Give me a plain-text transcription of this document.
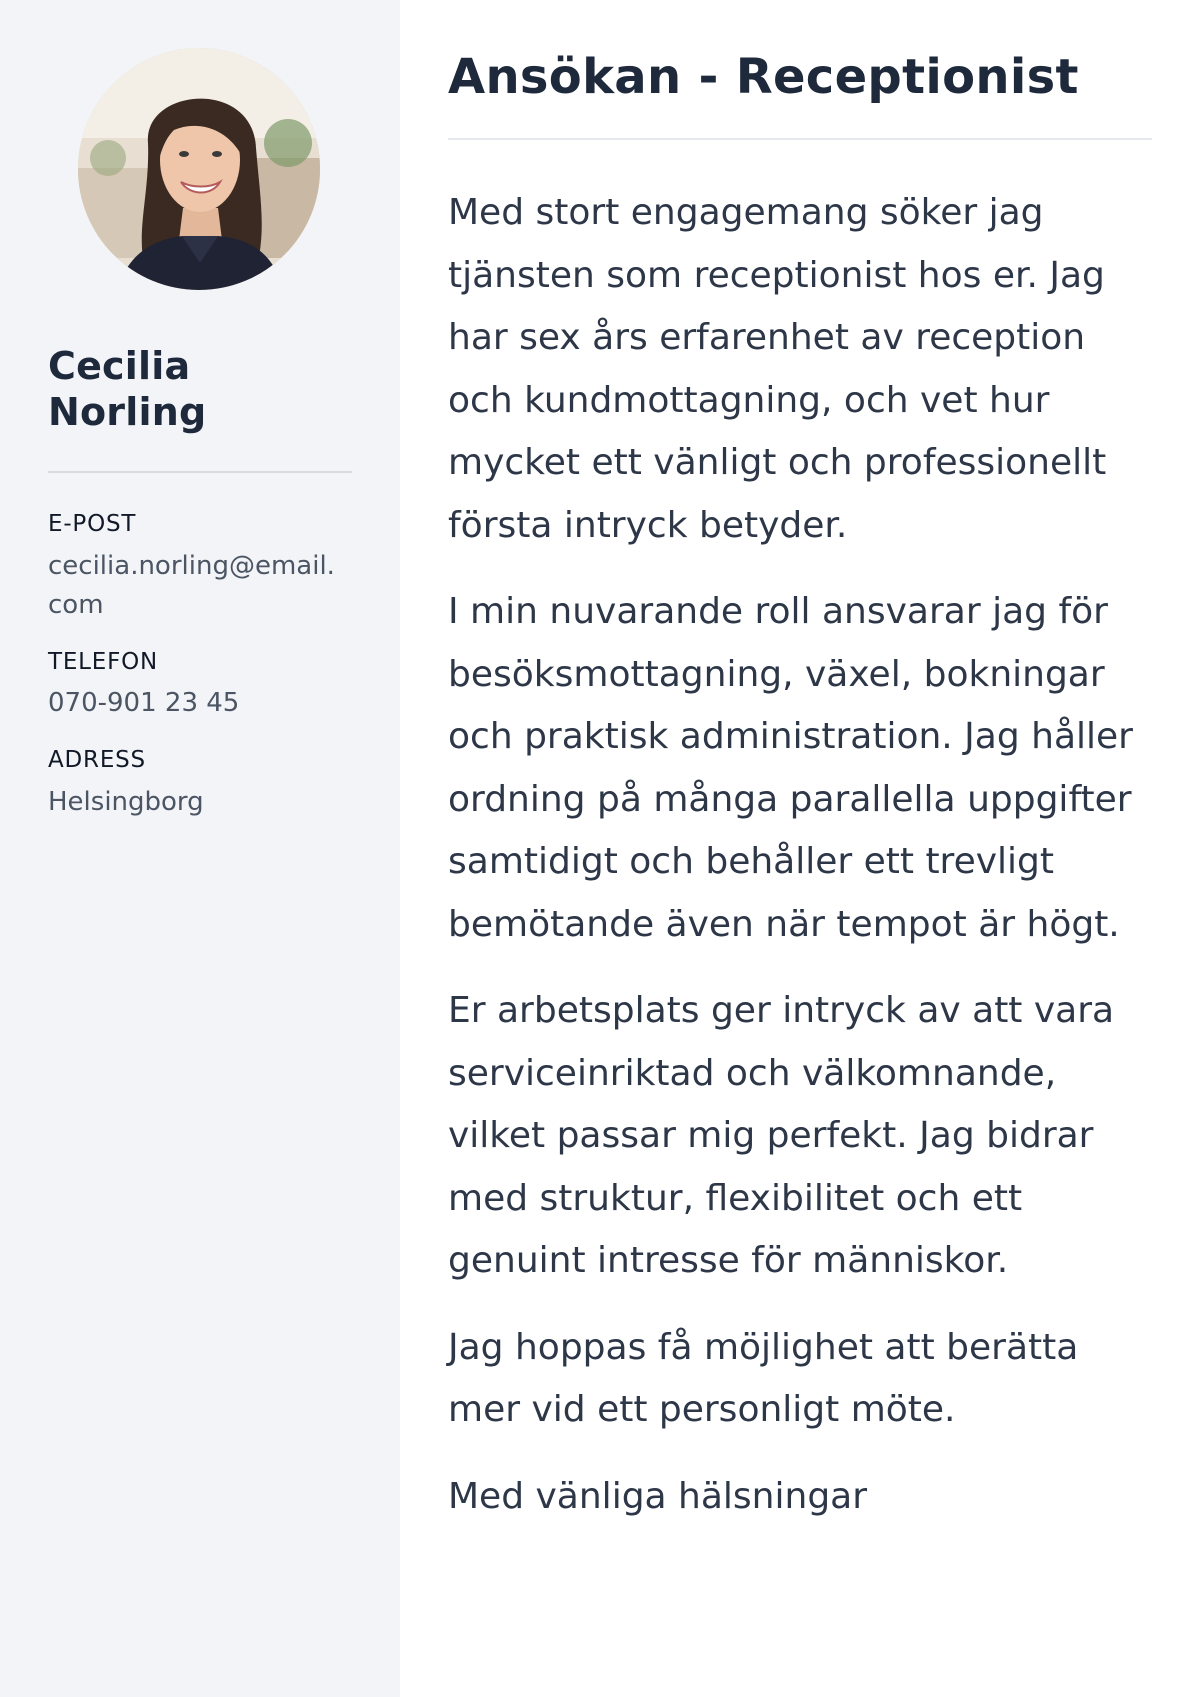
Cecilia Norling
E-POST
cecilia.norling@email.com
TELEFON
070-901 23 45
ADRESS
Helsingborg
Ansökan - Receptionist

Med stort engagemang söker jag tjänsten som receptionist hos er. Jag har sex års erfarenhet av reception och kundmottagning, och vet hur mycket ett vänligt och professionellt första intryck betyder.

I min nuvarande roll ansvarar jag för besöksmottagning, växel, bokningar och praktisk administration. Jag håller ordning på många parallella uppgifter samtidigt och behåller ett trevligt bemötande även när tempot är högt.

Er arbetsplats ger intryck av att vara serviceinriktad och välkomnande, vilket passar mig perfekt. Jag bidrar med struktur, flexibilitet och ett genuint intresse för människor.

Jag hoppas få möjlighet att berätta mer vid ett personligt möte.

Med vänliga hälsningar
